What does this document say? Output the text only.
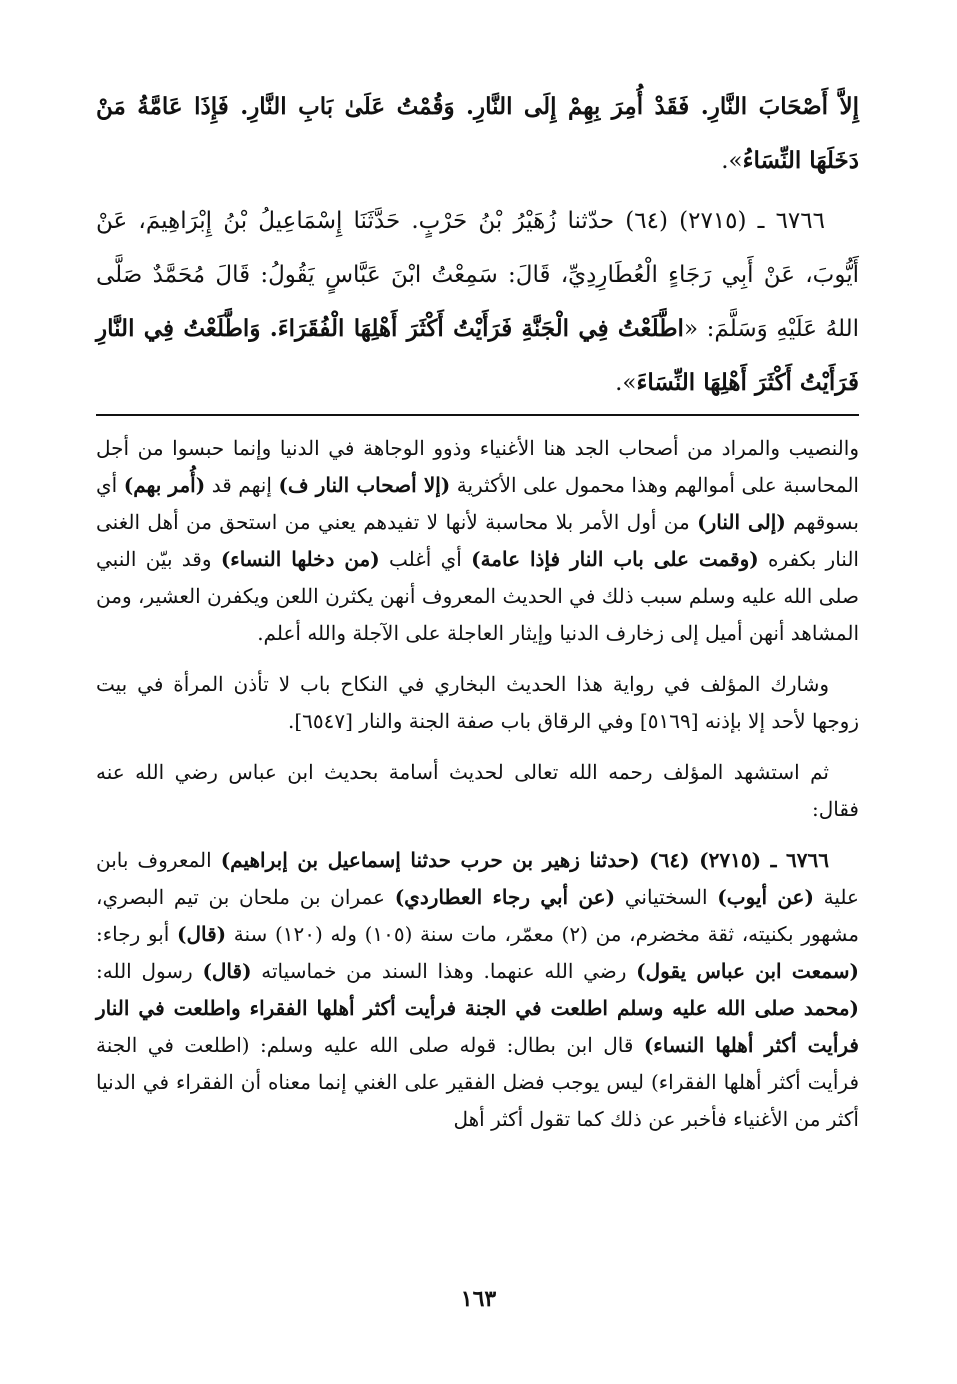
إِلاَّ أَصْحَابَ النَّارِ. فَقَدْ أُمِرَ بِهِمْ إِلَى النَّارِ. وَقُمْتُ عَلَىٰ بَابِ النَّارِ. فَإِذَا عَامَّةُ مَنْ دَخَلَهَا النِّسَاءُ».

٦٧٦٦ ـ (٢٧١٥) (٦٤) حدّثنا زُهَيْرُ بْنُ حَرْبٍ. حَدَّثَنَا إِسْمَاعِيلُ بْنُ إِبْرَاهِيمَ، عَنْ أَيُّوبَ، عَنْ أَبِي رَجَاءٍ الْعُطَارِدِيِّ، قَالَ: سَمِعْتُ ابْنَ عَبَّاسٍ يَقُولُ: قَالَ مُحَمَّدٌ صَلَّى اللهُ عَلَيْهِ وَسَلَّمَ: «اطَّلَعْتُ فِي الْجَنَّةِ فَرَأَيْتُ أَكْثَرَ أَهْلِهَا الْفُقَرَاءَ. وَاطَّلَعْتُ فِي النَّارِ فَرَأَيْتُ أَكْثَرَ أَهْلِهَا النِّسَاءَ».

والنصيب والمراد من أصحاب الجد هنا الأغنياء وذوو الوجاهة في الدنيا وإنما حبسوا من أجل المحاسبة على أموالهم وهذا محمول على الأكثرية (إلا أصحاب النار ف) إنهم قد (أُمر بهم) أي بسوقهم (إلى النار) من أول الأمر بلا محاسبة لأنها لا تفيدهم يعني من استحق من أهل الغنى النار بكفره (وقمت على باب النار فإذا عامة) أي أغلب (من دخلها النساء) وقد بيّن النبي صلى الله عليه وسلم سبب ذلك في الحديث المعروف أنهن يكثرن اللعن ويكفرن العشير، ومن المشاهد أنهن أميل إلى زخارف الدنيا وإيثار العاجلة على الآجلة والله أعلم.

وشارك المؤلف في رواية هذا الحديث البخاري في النكاح باب لا تأذن المرأة في بيت زوجها لأحد إلا بإذنه [٥١٦٩] وفي الرقاق باب صفة الجنة والنار [٦٥٤٧].

ثم استشهد المؤلف رحمه الله تعالى لحديث أسامة بحديث ابن عباس رضي الله عنه فقال:

٦٧٦٦ ـ (٢٧١٥) (٦٤) (حدثنا زهير بن حرب حدثنا إسماعيل بن إبراهيم) المعروف بابن علية (عن أيوب) السختياني (عن أبي رجاء العطاردي) عمران بن ملحان بن تيم البصري، مشهور بكنيته، ثقة مخضرم، من (٢) معمّر، مات سنة (١٠٥) وله (١٢٠) سنة (قال) أبو رجاء: (سمعت ابن عباس يقول) رضي الله عنهما. وهذا السند من خماسياته (قال) رسول الله: (محمد صلى الله عليه وسلم اطلعت في الجنة فرأيت أكثر أهلها الفقراء واطلعت في النار فرأيت أكثر أهلها النساء) قال ابن بطال: قوله صلى الله عليه وسلم: (اطلعت في الجنة فرأيت أكثر أهلها الفقراء) ليس يوجب فضل الفقير على الغني إنما معناه أن الفقراء في الدنيا أكثر من الأغنياء فأخبر عن ذلك كما تقول أكثر أهل

١٦٣
